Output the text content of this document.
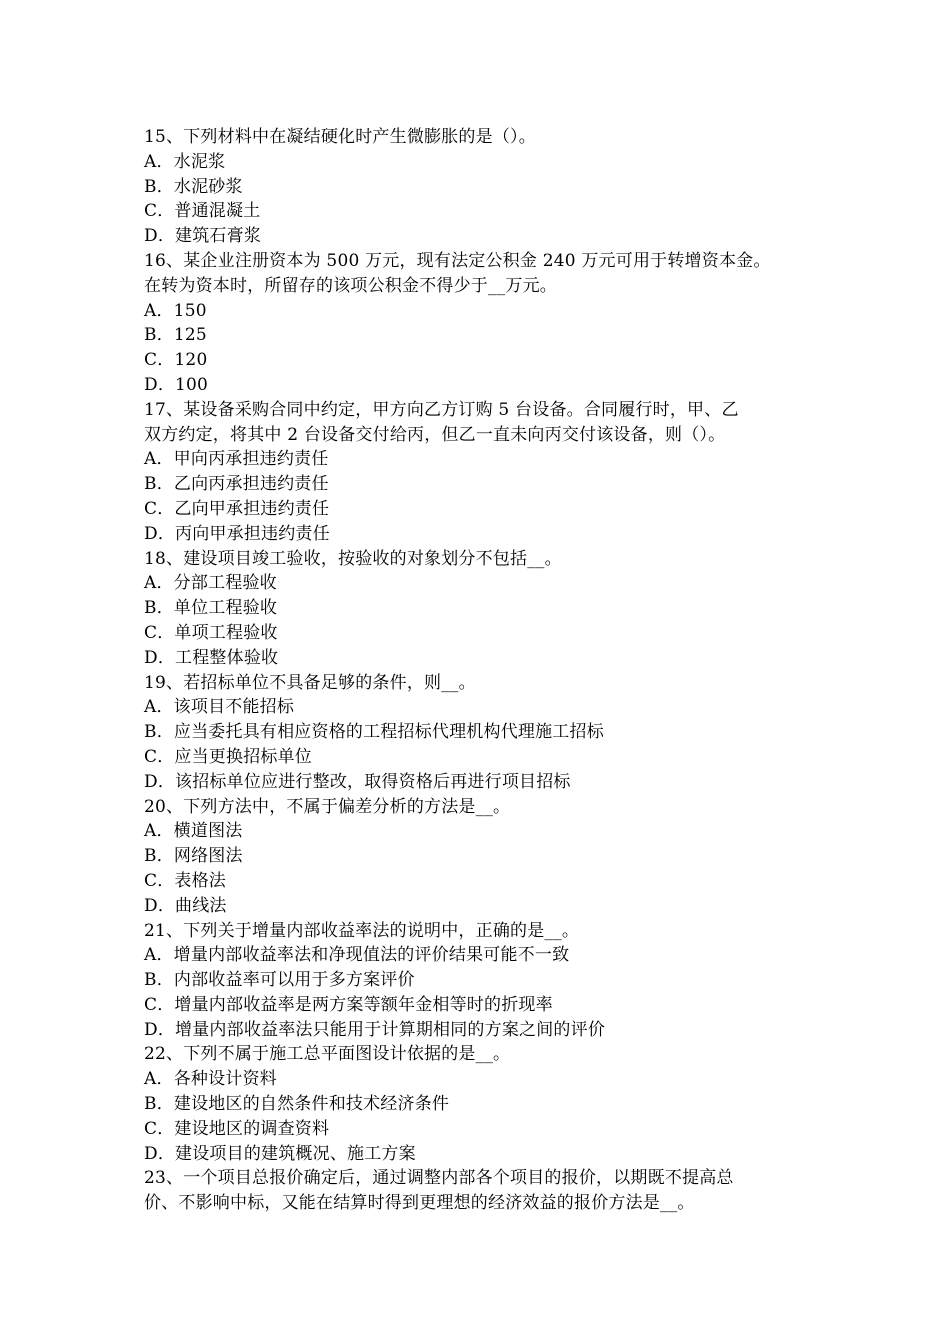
15、下列材料中在凝结硬化时产生微膨胀的是（）。
A．水泥浆
B．水泥砂浆
C．普通混凝土
D．建筑石膏浆
16、某企业注册资本为 500 万元，现有法定公积金 240 万元可用于转增资本金。
在转为资本时，所留存的该项公积金不得少于__万元。
A．150
B．125
C．120
D．100
17、某设备采购合同中约定，甲方向乙方订购 5 台设备。合同履行时，甲、乙
双方约定，将其中 2 台设备交付给丙，但乙一直未向丙交付该设备，则（）。
A．甲向丙承担违约责任
B．乙向丙承担违约责任
C．乙向甲承担违约责任
D．丙向甲承担违约责任
18、建设项目竣工验收，按验收的对象划分不包括__。
A．分部工程验收
B．单位工程验收
C．单项工程验收
D．工程整体验收
19、若招标单位不具备足够的条件，则__。
A．该项目不能招标
B．应当委托具有相应资格的工程招标代理机构代理施工招标
C．应当更换招标单位
D．该招标单位应进行整改，取得资格后再进行项目招标
20、下列方法中，不属于偏差分析的方法是__。
A．横道图法
B．网络图法
C．表格法
D．曲线法
21、下列关于增量内部收益率法的说明中，正确的是__。
A．增量内部收益率法和净现值法的评价结果可能不一致
B．内部收益率可以用于多方案评价
C．增量内部收益率是两方案等额年金相等时的折现率
D．增量内部收益率法只能用于计算期相同的方案之间的评价
22、下列不属于施工总平面图设计依据的是__。
A．各种设计资料
B．建设地区的自然条件和技术经济条件
C．建设地区的调查资料
D．建设项目的建筑概况、施工方案
23、一个项目总报价确定后，通过调整内部各个项目的报价，以期既不提高总
价、不影响中标，又能在结算时得到更理想的经济效益的报价方法是__。
